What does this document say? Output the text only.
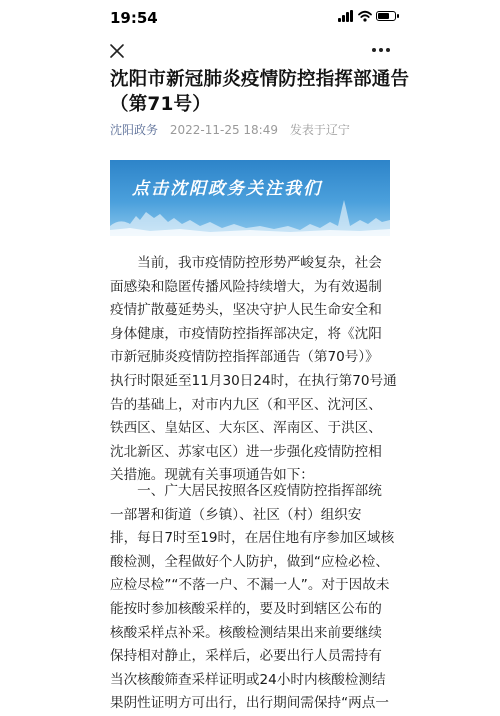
19:54
沈阳市新冠肺炎疫情防控指挥部通告
（第71号）
沈阳政务 2022-11-25 18:49 发表于辽宁
点击沈阳政务关注我们
　　当前，我市疫情防控形势严峻复杂，社会
面感染和隐匿传播风险持续增大，为有效遏制
疫情扩散蔓延势头，坚决守护人民生命安全和
身体健康，市疫情防控指挥部决定，将《沈阳
市新冠肺炎疫情防控指挥部通告（第70号）》
执行时限延至11月30日24时，在执行第70号通
告的基础上，对市内九区（和平区、沈河区、
铁西区、皇姑区、大东区、浑南区、于洪区、
沈北新区、苏家屯区）进一步强化疫情防控相
关措施。现就有关事项通告如下：
　　一、广大居民按照各区疫情防控指挥部统
一部署和街道（乡镇）、社区（村）组织安
排，每日7时至19时，在居住地有序参加区域核
酸检测，全程做好个人防护，做到“应检必检、
应检尽检”“不落一户、不漏一人”。对于因故未
能按时参加核酸采样的，要及时到辖区公布的
核酸采样点补采。核酸检测结果出来前要继续
保持相对静止，采样后，必要出行人员需持有
当次核酸筛查采样证明或24小时内核酸检测结
果阴性证明方可出行，出行期间需保持“两点一
